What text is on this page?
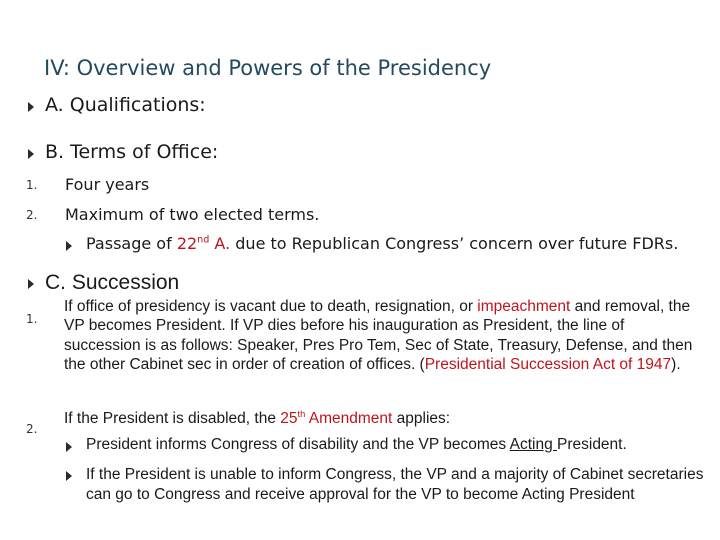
IV: Overview and Powers of the Presidency
A. Qualifications:
B. Terms of Office:
1. Four years
2. Maximum of two elected terms.
Passage of 22nd A. due to Republican Congress’ concern over future FDRs.
C. Succession
1.
If office of presidency is vacant due to death, resignation, or impeachment and removal, the VP becomes President. If VP dies before his inauguration as President, the line of succession is as follows: Speaker, Pres Pro Tem, Sec of State, Treasury, Defense, and then the other Cabinet sec in order of creation of offices. (Presidential Succession Act of 1947).
2.
If the President is disabled, the 25th Amendment applies:
President informs Congress of disability and the VP becomes Acting President.
If the President is unable to inform Congress, the VP and a majority of Cabinet secretaries can go to Congress and receive approval for the VP to become Acting President
